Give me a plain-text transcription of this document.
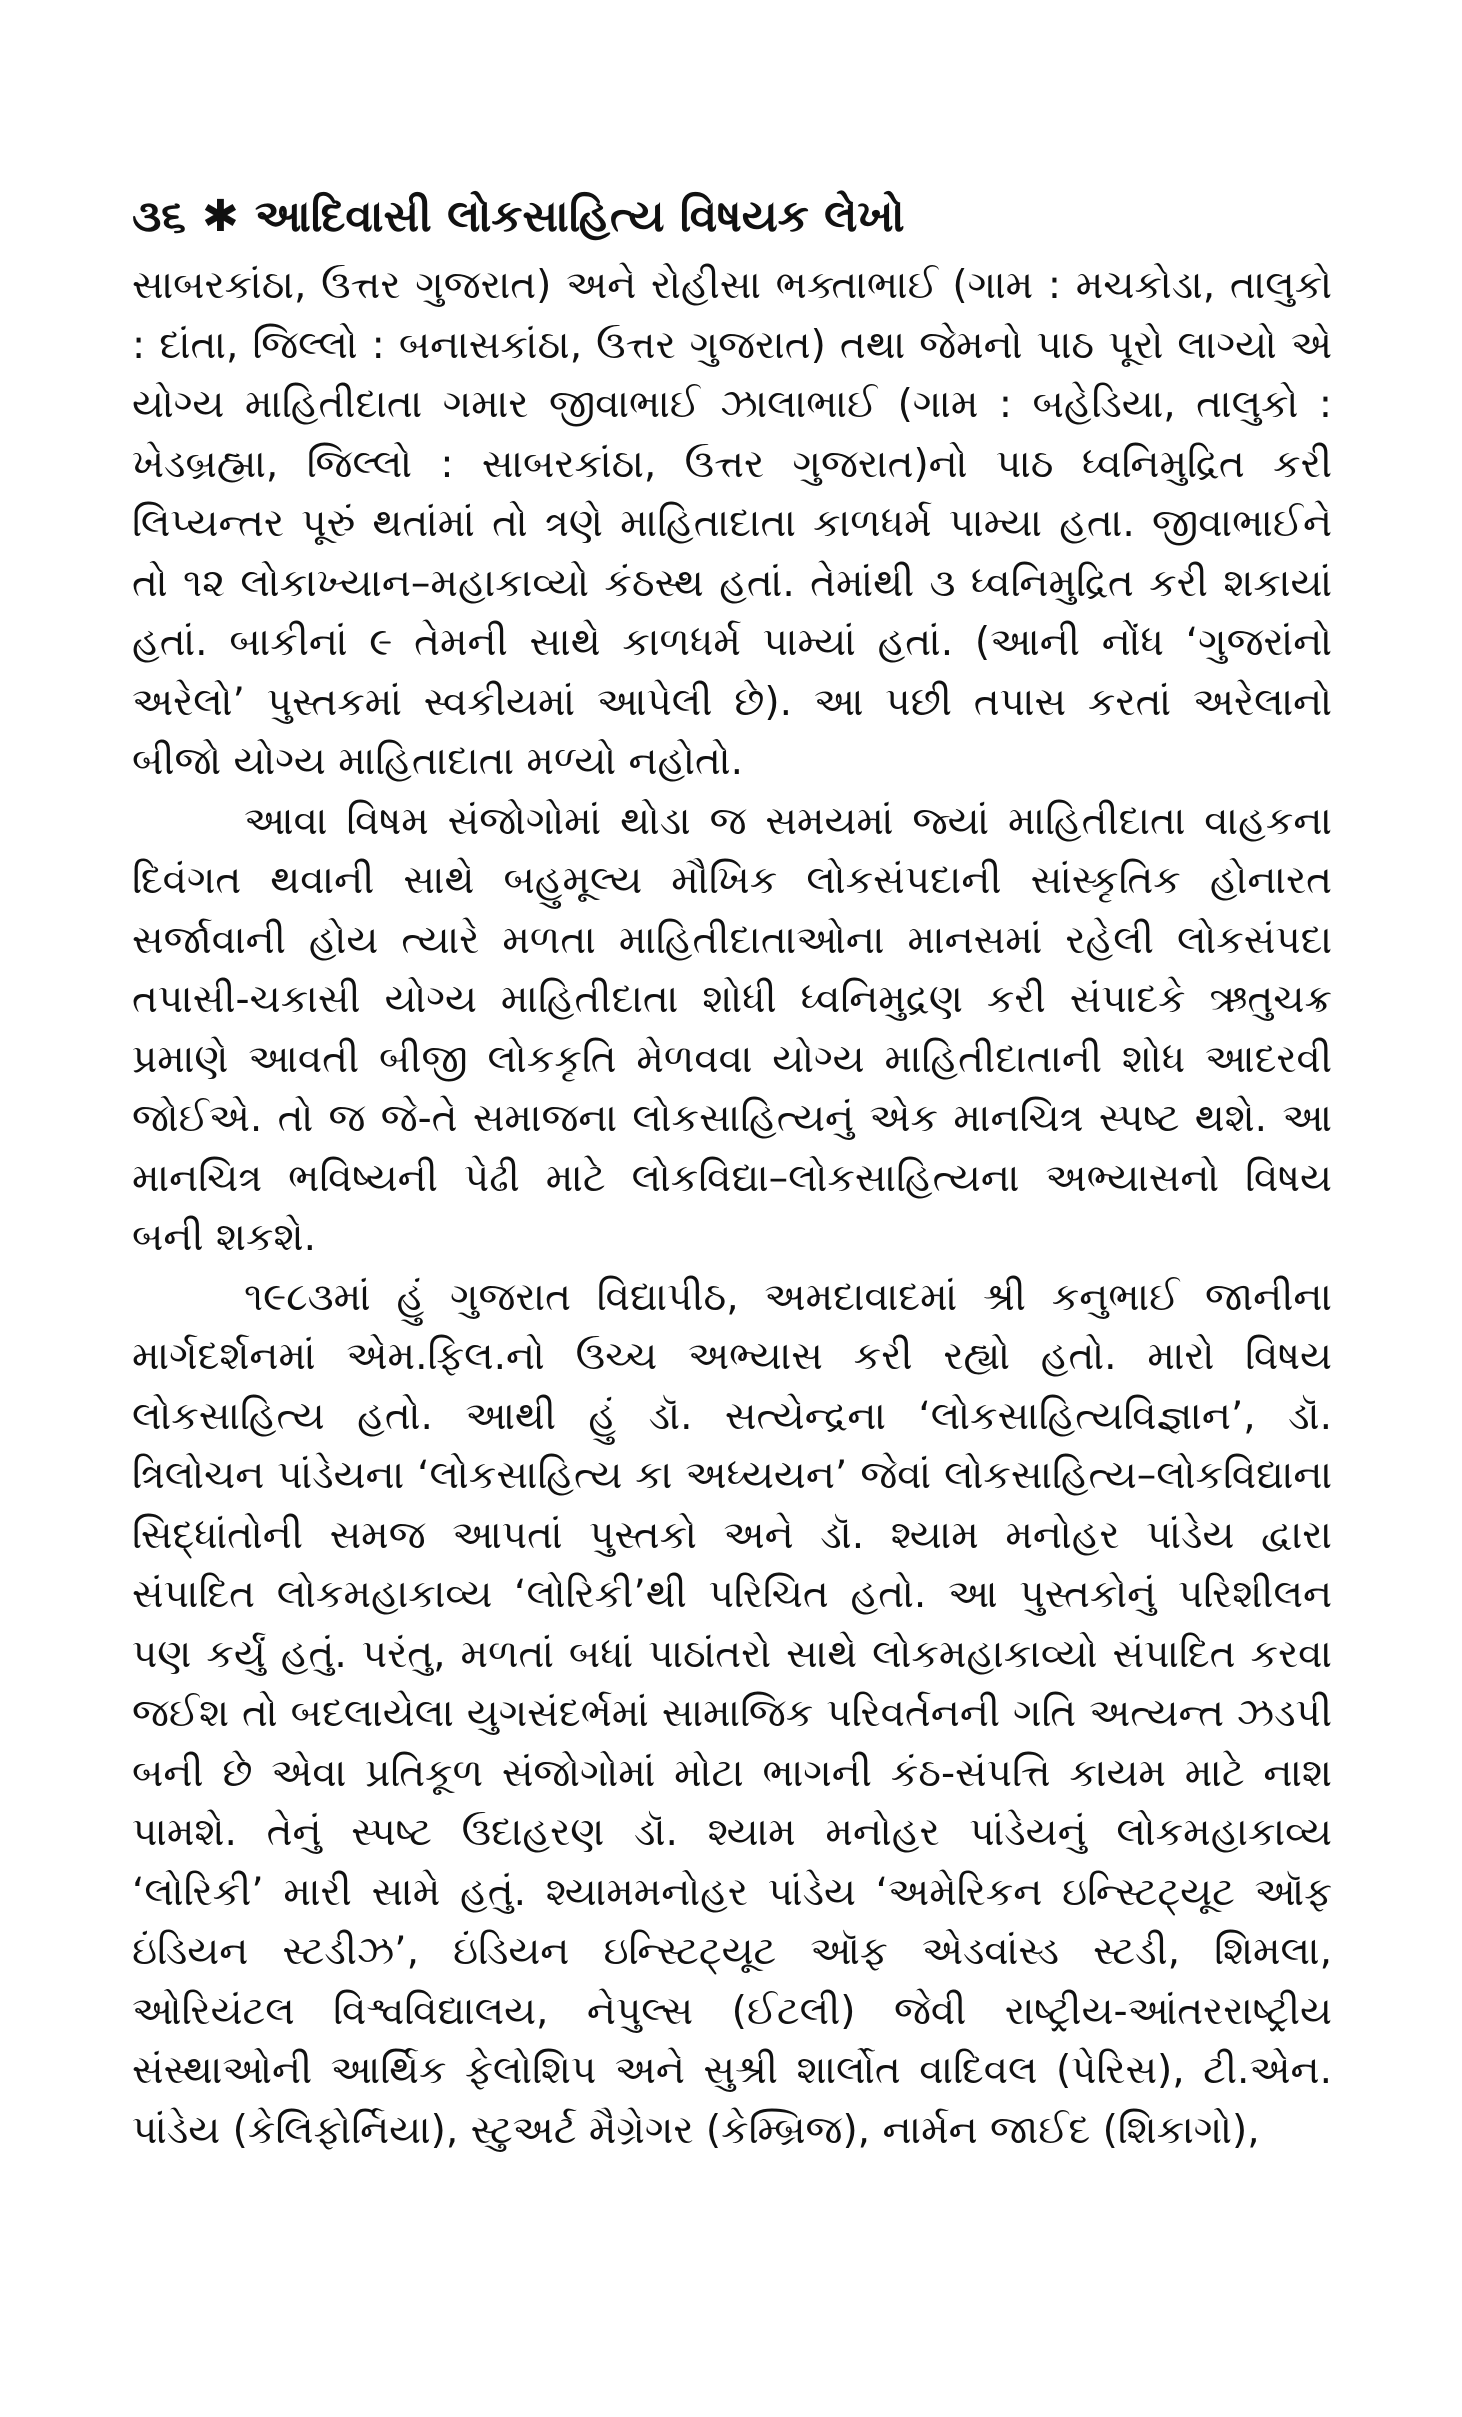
૩૬ ✱ આદિવાસી લોકસાહિત્ય વિષયક લેખો

સાબરકાંઠા, ઉત્તર ગુજરાત) અને રોહીસા ભક્તાભાઈ (ગામ : મચકોડા, તાલુકો : દાંતા, જિલ્લો : બનાસકાંઠા, ઉત્તર ગુજરાત) તથા જેમનો પાઠ પૂરો લાગ્યો એ યોગ્ય માહિતીદાતા ગમાર જીવાભાઈ ઝાલાભાઈ (ગામ : બહેડિયા, તાલુકો : ખેડબ્રહ્મા, જિલ્લો : સાબરકાંઠા, ઉત્તર ગુજરાત)નો પાઠ ધ્વનિમુદ્રિત કરી લિપ્યન્તર પૂરું થતાંમાં તો ત્રણે માહિતાદાતા કાળધર્મ પામ્યા હતા. જીવાભાઈને તો ૧૨ લોકાખ્યાન–મહાકાવ્યો કંઠસ્થ હતાં. તેમાંથી ૩ ધ્વનિમુદ્રિત કરી શકાયાં હતાં. બાકીનાં ૯ તેમની સાથે કાળધર્મ પામ્યાં હતાં. (આની નોંધ ‘ગુજરાંનો અરેલો’ પુસ્તકમાં સ્વકીયમાં આપેલી છે). આ પછી તપાસ કરતાં અરેલાનો બીજો યોગ્ય માહિતાદાતા મળ્યો નહોતો.

આવા વિષમ સંજોગોમાં થોડા જ સમયમાં જ્યાં માહિતીદાતા વાહકના દિવંગત થવાની સાથે બહુમૂલ્ય મૌખિક લોકસંપદાની સાંસ્કૃતિક હોનારત સર્જાવાની હોય ત્યારે મળતા માહિતીદાતાઓના માનસમાં રહેલી લોકસંપદા તપાસી-ચકાસી યોગ્ય માહિતીદાતા શોધી ધ્વનિમુદ્રણ કરી સંપાદકે ઋતુચક્ર પ્રમાણે આવતી બીજી લોકકૃતિ મેળવવા યોગ્ય માહિતીદાતાની શોધ આદરવી જોઈએ. તો જ જે-તે સમાજના લોકસાહિત્યનું એક માનચિત્ર સ્પષ્ટ થશે. આ માનચિત્ર ભવિષ્યની પેઢી માટે લોકવિદ્યા–લોકસાહિત્યના અભ્યાસનો વિષય બની શકશે.

૧૯૮૩માં હું ગુજરાત વિદ્યાપીઠ, અમદાવાદમાં શ્રી કનુભાઈ જાનીના માર્ગદર્શનમાં એમ.ફિલ.નો ઉચ્ચ અભ્યાસ કરી રહ્યો હતો. મારો વિષય લોકસાહિત્ય હતો. આથી હું ડૉ. સત્યેન્દ્રના ‘લોકસાહિત્યવિજ્ઞાન’, ડૉ. ત્રિલોચન પાંડેયના ‘લોકસાહિત્ય કા અધ્યયન’ જેવાં લોકસાહિત્ય–લોકવિદ્યાના સિદ્ધાંતોની સમજ આપતાં પુસ્તકો અને ડૉ. શ્યામ મનોહર પાંડેય દ્વારા સંપાદિત લોકમહાકાવ્ય ‘લોરિકી’થી પરિચિત હતો. આ પુસ્તકોનું પરિશીલન પણ કર્યું હતું. પરંતુ, મળતાં બધાં પાઠાંતરો સાથે લોકમહાકાવ્યો સંપાદિત કરવા જઈશ તો બદલાયેલા યુગસંદર્ભમાં સામાજિક પરિવર્તનની ગતિ અત્યન્ત ઝડપી બની છે એવા પ્રતિકૂળ સંજોગોમાં મોટા ભાગની કંઠ-સંપત્તિ કાયમ માટે નાશ પામશે. તેનું સ્પષ્ટ ઉદાહરણ ડૉ. શ્યામ મનોહર પાંડેયનું લોકમહાકાવ્ય ‘લોરિકી’ મારી સામે હતું. શ્યામમનોહર પાંડેય ‘અમેરિકન ઇન્સ્ટિટ્યૂટ ઑફ ઇંડિયન સ્ટડીઝ’, ઇંડિયન ઇન્સ્ટિટ્યૂટ ઑફ એડવાંસ્ડ સ્ટડી, શિમલા, ઓરિયંટલ વિશ્વવિદ્યાલય, નેપુલ્સ (ઈટલી) જેવી રાષ્ટ્રીય-આંતરરાષ્ટ્રીય સંસ્થાઓની આર્થિક ફેલોશિપ અને સુશ્રી શાર્લોત વાદિવલ (પેરિસ), ટી.એન. પાંડેય (કેલિફોર્નિયા), સ્ટુઅર્ટ મૈગ્રેગર (કેમ્બ્રિજ), નાર્મન જાઈદ (શિકાગો),
